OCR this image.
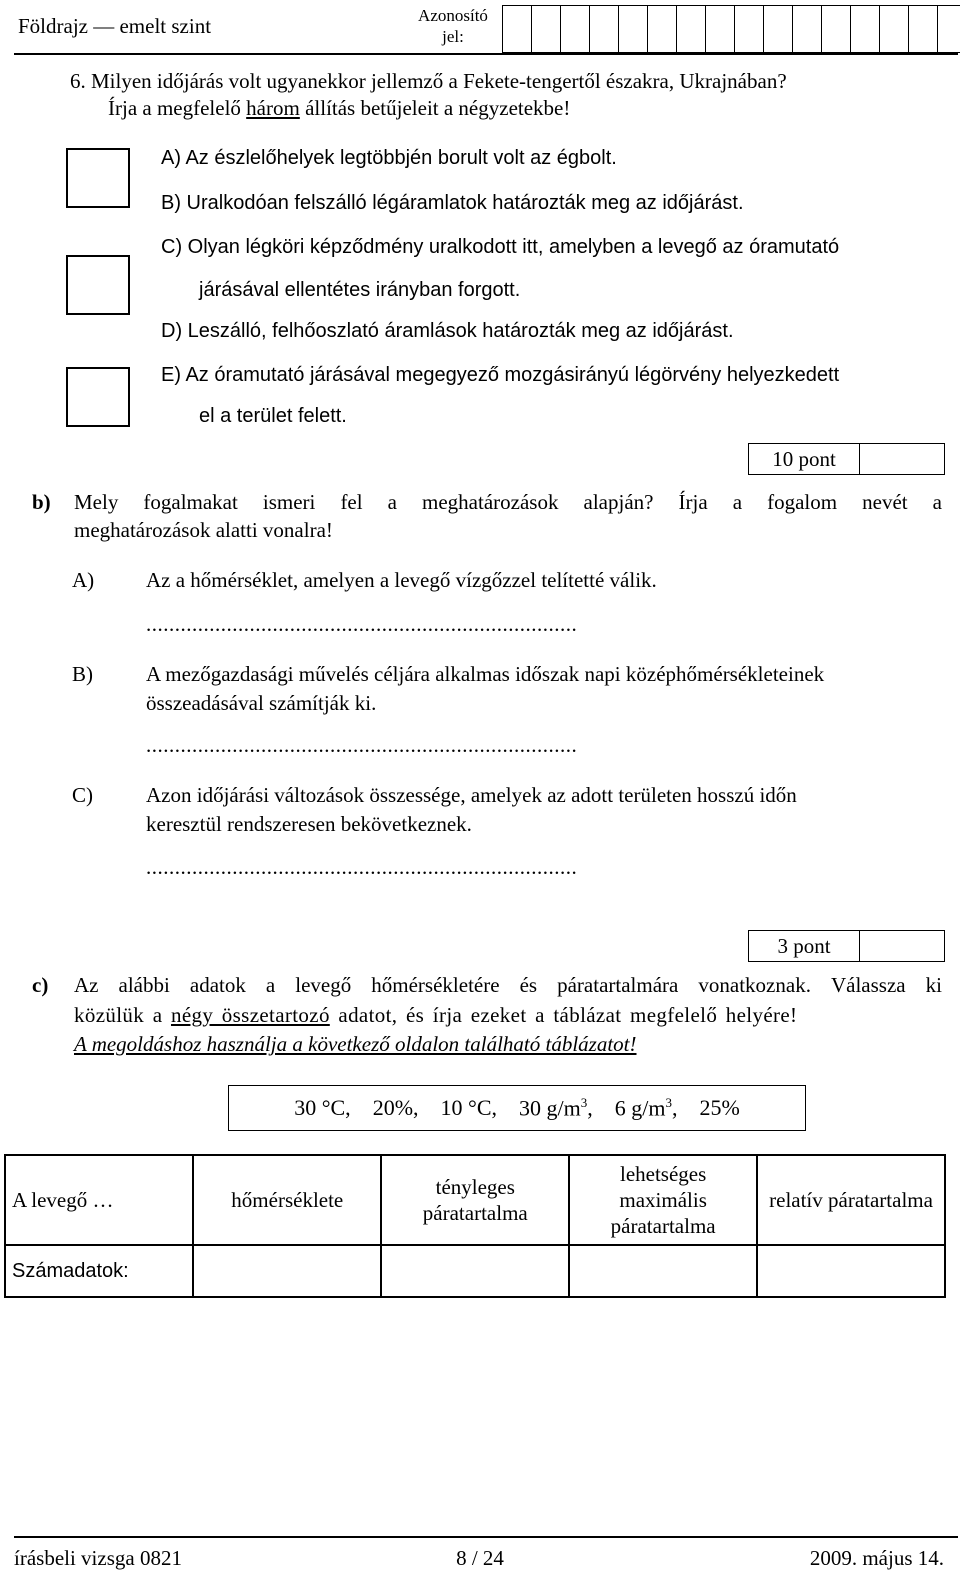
Földrajz — emelt szint	Azonosító
jel:
6. Milyen időjárás volt ugyanekkor jellemző a Fekete-tengertől északra, Ukrajnában?
Írja a megfelelő három állítás betűjeleit a négyzetekbe!
A) Az észlelőhelyek legtöbbjén borult volt az égbolt.
B) Uralkodóan felszálló légáramlatok határozták meg az időjárást.
C) Olyan légköri képződmény uralkodott itt, amelyben a levegő az óramutató
járásával ellentétes irányban forgott.
D) Leszálló, felhőoszlató áramlások határozták meg az időjárást.
E) Az óramutató járásával megegyező mozgásirányú légörvény helyezkedett
el a terület felett.
10 pont
b) Mely fogalmakat ismeri fel a meghatározások alapján? Írja a fogalom nevét a
meghatározások alatti vonalra!
A) Az a hőmérséklet, amelyen a levegő vízgőzzel telítetté válik.
...........................................................................
B)	A mezőgazdasági művelés céljára alkalmas időszak napi középhőmérsékleteinek
összeadásával számítják ki.
...........................................................................
C)	Azon időjárási változások összessége, amelyek az adott területen hosszú időn
keresztül rendszeresen bekövetkeznek.
...........................................................................
3 pont
c) Az alábbi adatok a levegő hőmérsékletére és páratartalmára vonatkoznak. Válassza ki
közülük a négy összetartozó adatot, és írja ezeket a táblázat megfelelő helyére!
A megoldáshoz használja a következő oldalon található táblázatot!
30 °C, 20%, 10 °C, 30 $g/m^3$, 6 $g/m^3$, 25%
A levegő …	hőmérséklete	tényleges páratartalma	lehetséges maximális páratartalma	relatív páratartalma
Számadatok:				
írásbeli vizsga 0821	8 / 24	2009. május 14.
